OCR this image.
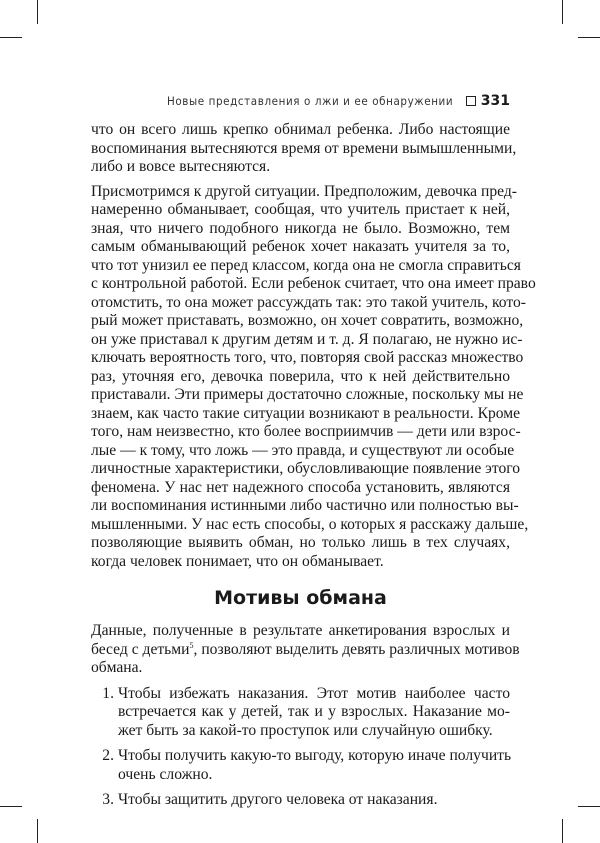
Новые представления о лжи и ее обнаружении 331
что он всего лишь крепко обнимал ребенка. Либо настоящие
воспоминания вытесняются время от времени вымышленными,
либо и вовсе вытесняются.
Присмотримся к другой ситуации. Предположим, девочка пред-
намеренно обманывает, сообщая, что учитель пристает к ней,
зная, что ничего подобного никогда не было. Возможно, тем
самым обманывающий ребенок хочет наказать учителя за то,
что тот унизил ее перед классом, когда она не смогла справиться
с контрольной работой. Если ребенок считает, что она имеет право
отомстить, то она может рассуждать так: это такой учитель, кото-
рый может приставать, возможно, он хочет совратить, возможно,
он уже приставал к другим детям и т. д. Я полагаю, не нужно ис-
ключать вероятность того, что, повторяя свой рассказ множество
раз, уточняя его, девочка поверила, что к ней действительно
приставали. Эти примеры достаточно сложные, поскольку мы не
знаем, как часто такие ситуации возникают в реальности. Кроме
того, нам неизвестно, кто более восприимчив — дети или взрос-
лые — к тому, что ложь — это правда, и существуют ли особые
личностные характеристики, обусловливающие появление этого
феномена. У нас нет надежного способа установить, являются
ли воспоминания истинными либо частично или полностью вы-
мышленными. У нас есть способы, о которых я расскажу дальше,
позволяющие выявить обман, но только лишь в тех случаях,
когда человек понимает, что он обманывает.
Мотивы обмана
Данные, полученные в результате анкетирования взрослых и
бесед с детьми$^5$, позволяют выделить девять различных мотивов
обмана.
1. Чтобы избежать наказания. Этот мотив наиболее часто
встречается как у детей, так и у взрослых. Наказание мо-
жет быть за какой-то проступок или случайную ошибку.
2. Чтобы получить какую-то выгоду, которую иначе получить
очень сложно.
3. Чтобы защитить другого человека от наказания.
